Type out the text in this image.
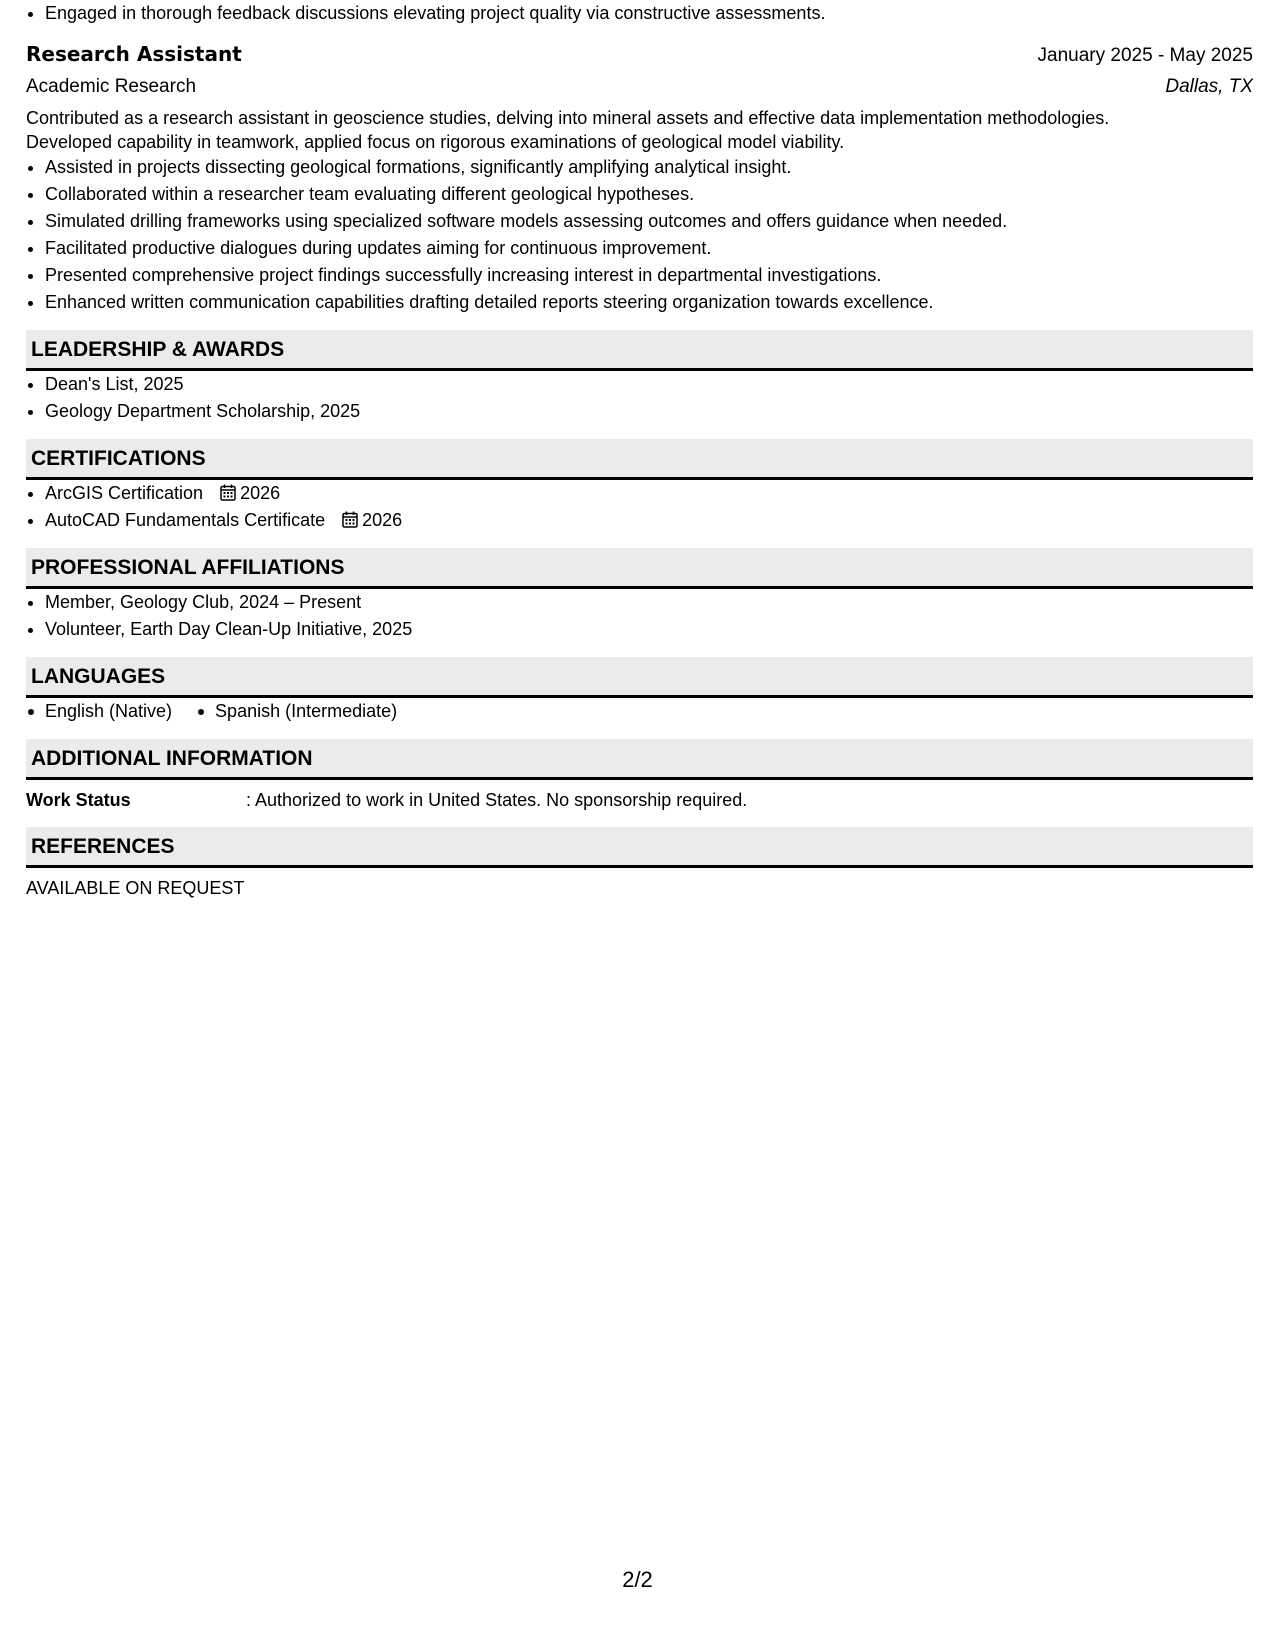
• Engaged in thorough feedback discussions elevating project quality via constructive assessments.
Research Assistant	January 2025 - May 2025
Academic Research	Dallas, TX
Contributed as a research assistant in geoscience studies, delving into mineral assets and effective data implementation methodologies.
Developed capability in teamwork, applied focus on rigorous examinations of geological model viability.
• Assisted in projects dissecting geological formations, significantly amplifying analytical insight.
• Collaborated within a researcher team evaluating different geological hypotheses.
• Simulated drilling frameworks using specialized software models assessing outcomes and offers guidance when needed.
• Facilitated productive dialogues during updates aiming for continuous improvement.
• Presented comprehensive project findings successfully increasing interest in departmental investigations.
• Enhanced written communication capabilities drafting detailed reports steering organization towards excellence.
LEADERSHIP & AWARDS
• Dean's List, 2025
• Geology Department Scholarship, 2025
CERTIFICATIONS
• ArcGIS Certification 2026
• AutoCAD Fundamentals Certificate 2026
PROFESSIONAL AFFILIATIONS
• Member, Geology Club, 2024 – Present
• Volunteer, Earth Day Clean-Up Initiative, 2025
LANGUAGES
English (Native)	Spanish (Intermediate)
ADDITIONAL INFORMATION
Work Status	: Authorized to work in United States. No sponsorship required.
REFERENCES
AVAILABLE ON REQUEST
2/2
